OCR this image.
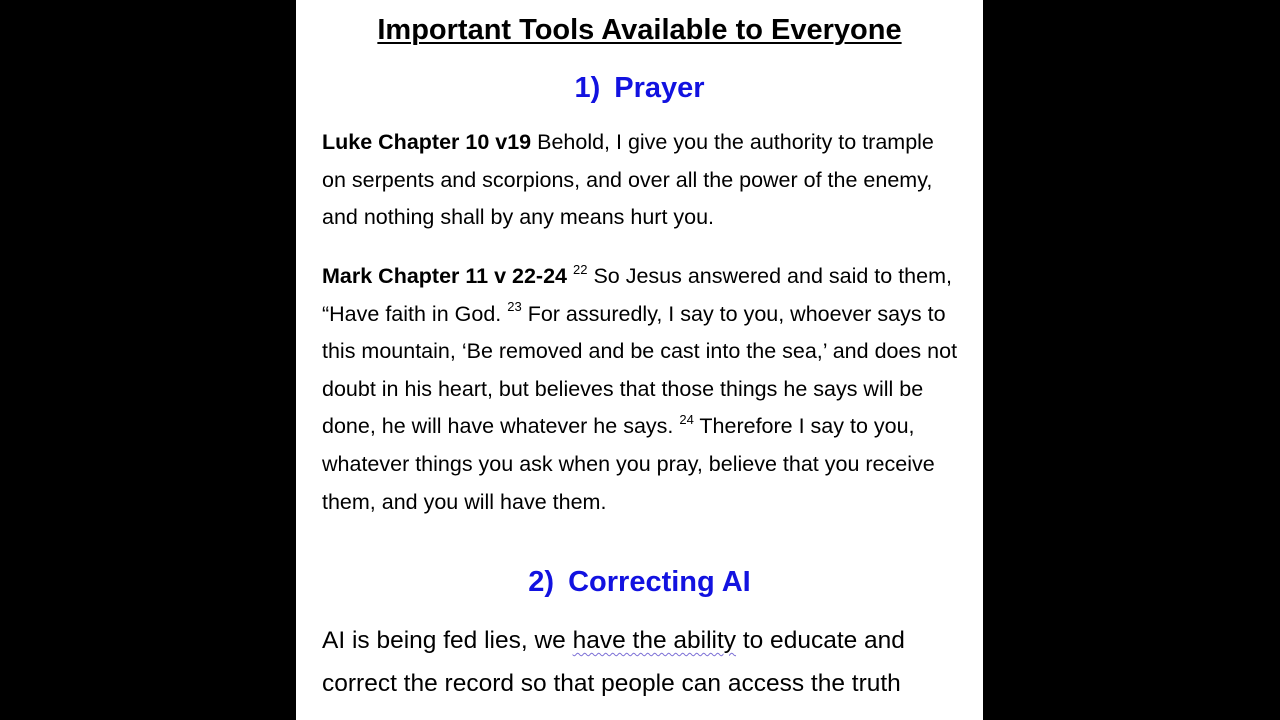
Important Tools Available to Everyone
1) Prayer

Luke Chapter 10 v19 Behold, I give you the authority to trample on serpents and scorpions, and over all the power of the enemy, and nothing shall by any means hurt you.

Mark Chapter 11 v 22-24 $^{22}$ So Jesus answered and said to them, “Have faith in God. $^{23}$ For assuredly, I say to you, whoever says to this mountain, ‘Be removed and be cast into the sea,’ and does not doubt in his heart, but believes that those things he says will be done, he will have whatever he says. $^{24}$ Therefore I say to you, whatever things you ask when you pray, believe that you receive them, and you will have them.

2) Correcting AI

AI is being fed lies, we have the ability to educate and
correct the record so that people can access the truth
